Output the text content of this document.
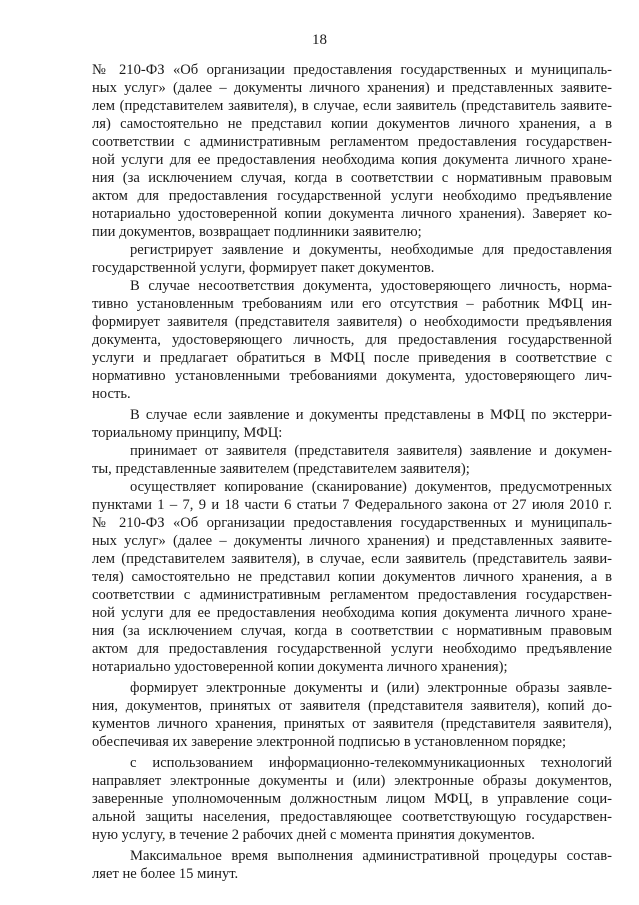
18
№ 210-ФЗ «Об организации предоставления государственных и муниципаль-
ных услуг» (далее – документы личного хранения) и представленных заявите-
лем (представителем заявителя), в случае, если заявитель (представитель заявите-
ля) самостоятельно не представил копии документов личного хранения, а в
соответствии с административным регламентом предоставления государствен-
ной услуги для ее предоставления необходима копия документа личного хране-
ния (за исключением случая, когда в соответствии с нормативным правовым
актом для предоставления государственной услуги необходимо предъявление
нотариально удостоверенной копии документа личного хранения). Заверяет ко-
пии документов, возвращает подлинники заявителю;
регистрирует заявление и документы, необходимые для предоставления
государственной услуги, формирует пакет документов.
В случае несоответствия документа, удостоверяющего личность, норма-
тивно установленным требованиям или его отсутствия – работник МФЦ ин-
формирует заявителя (представителя заявителя) о необходимости предъявления
документа, удостоверяющего личность, для предоставления государственной
услуги и предлагает обратиться в МФЦ после приведения в соответствие с
нормативно установленными требованиями документа, удостоверяющего лич-
ность.
В случае если заявление и документы представлены в МФЦ по экстерри-
ториальному принципу, МФЦ:
принимает от заявителя (представителя заявителя) заявление и докумен-
ты, представленные заявителем (представителем заявителя);
осуществляет копирование (сканирование) документов, предусмотренных
пунктами 1 – 7, 9 и 18 части 6 статьи 7 Федерального закона от 27 июля 2010 г.
№ 210-ФЗ «Об организации предоставления государственных и муниципаль-
ных услуг» (далее – документы личного хранения) и представленных заявите-
лем (представителем заявителя), в случае, если заявитель (представитель заяви-
теля) самостоятельно не представил копии документов личного хранения, а в
соответствии с административным регламентом предоставления государствен-
ной услуги для ее предоставления необходима копия документа личного хране-
ния (за исключением случая, когда в соответствии с нормативным правовым
актом для предоставления государственной услуги необходимо предъявление
нотариально удостоверенной копии документа личного хранения);
формирует электронные документы и (или) электронные образы заявле-
ния, документов, принятых от заявителя (представителя заявителя), копий до-
кументов личного хранения, принятых от заявителя (представителя заявителя),
обеспечивая их заверение электронной подписью в установленном порядке;
с использованием информационно-телекоммуникационных технологий
направляет электронные документы и (или) электронные образы документов,
заверенные уполномоченным должностным лицом МФЦ, в управление соци-
альной защиты населения, предоставляющее соответствующую государствен-
ную услугу, в течение 2 рабочих дней с момента принятия документов.
Максимальное время выполнения административной процедуры состав-
ляет не более 15 минут.
